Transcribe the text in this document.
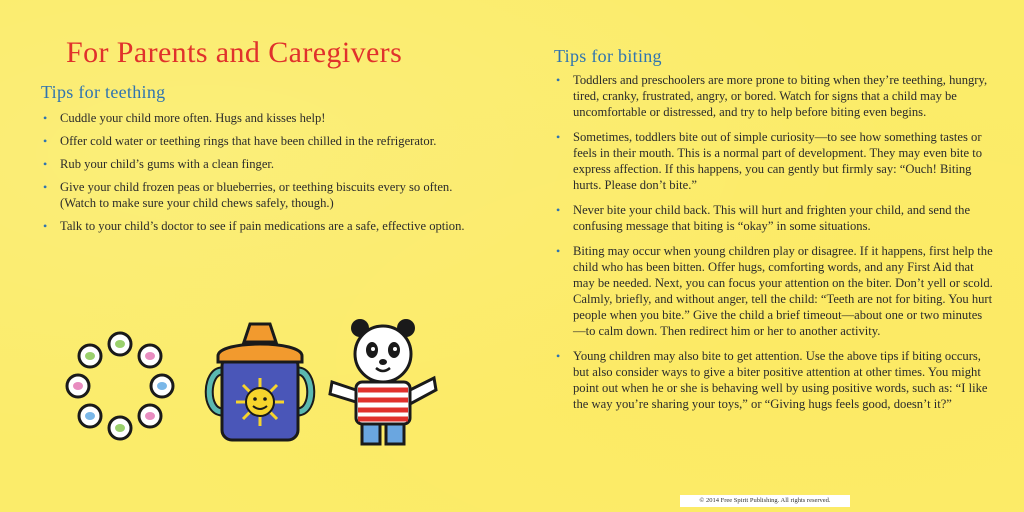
For Parents and Caregivers
Tips for teething
• Cuddle your child more often. Hugs and kisses help!
• Offer cold water or teething rings that have been chilled in the refrigerator.
• Rub your child’s gums with a clean finger.
• Give your child frozen peas or blueberries, or teething biscuits every so often. (Watch to make sure your child chews safely, though.)
• Talk to your child’s doctor to see if pain medications are a safe, effective option.
Tips for biting
• Toddlers and preschoolers are more prone to biting when they’re teething, hungry, tired, cranky, frustrated, angry, or bored. Watch for signs that a child may be uncomfortable or distressed, and try to help before biting even begins.
• Sometimes, toddlers bite out of simple curiosity—to see how something tastes or feels in their mouth. This is a normal part of development. They may even bite to express affection. If this happens, you can gently but firmly say: “Ouch! Biting hurts. Please don’t bite.”
• Never bite your child back. This will hurt and frighten your child, and send the confusing message that biting is “okay” in some situations.
• Biting may occur when young children play or disagree. If it happens, first help the child who has been bitten. Offer hugs, comforting words, and any First Aid that may be needed. Next, you can focus your attention on the biter. Don’t yell or scold. Calmly, briefly, and without anger, tell the child: “Teeth are not for biting. You hurt people when you bite.” Give the child a brief timeout—about one or two minutes—to calm down. Then redirect him or her to another activity.
• Young children may also bite to get attention. Use the above tips if biting occurs, but also consider ways to give a biter positive attention at other times. You might point out when he or she is behaving well by using positive words, such as: “I like the way you’re sharing your toys,” or “Giving hugs feels good, doesn’t it?”
© 2014 Free Spirit Publishing. All rights reserved.
